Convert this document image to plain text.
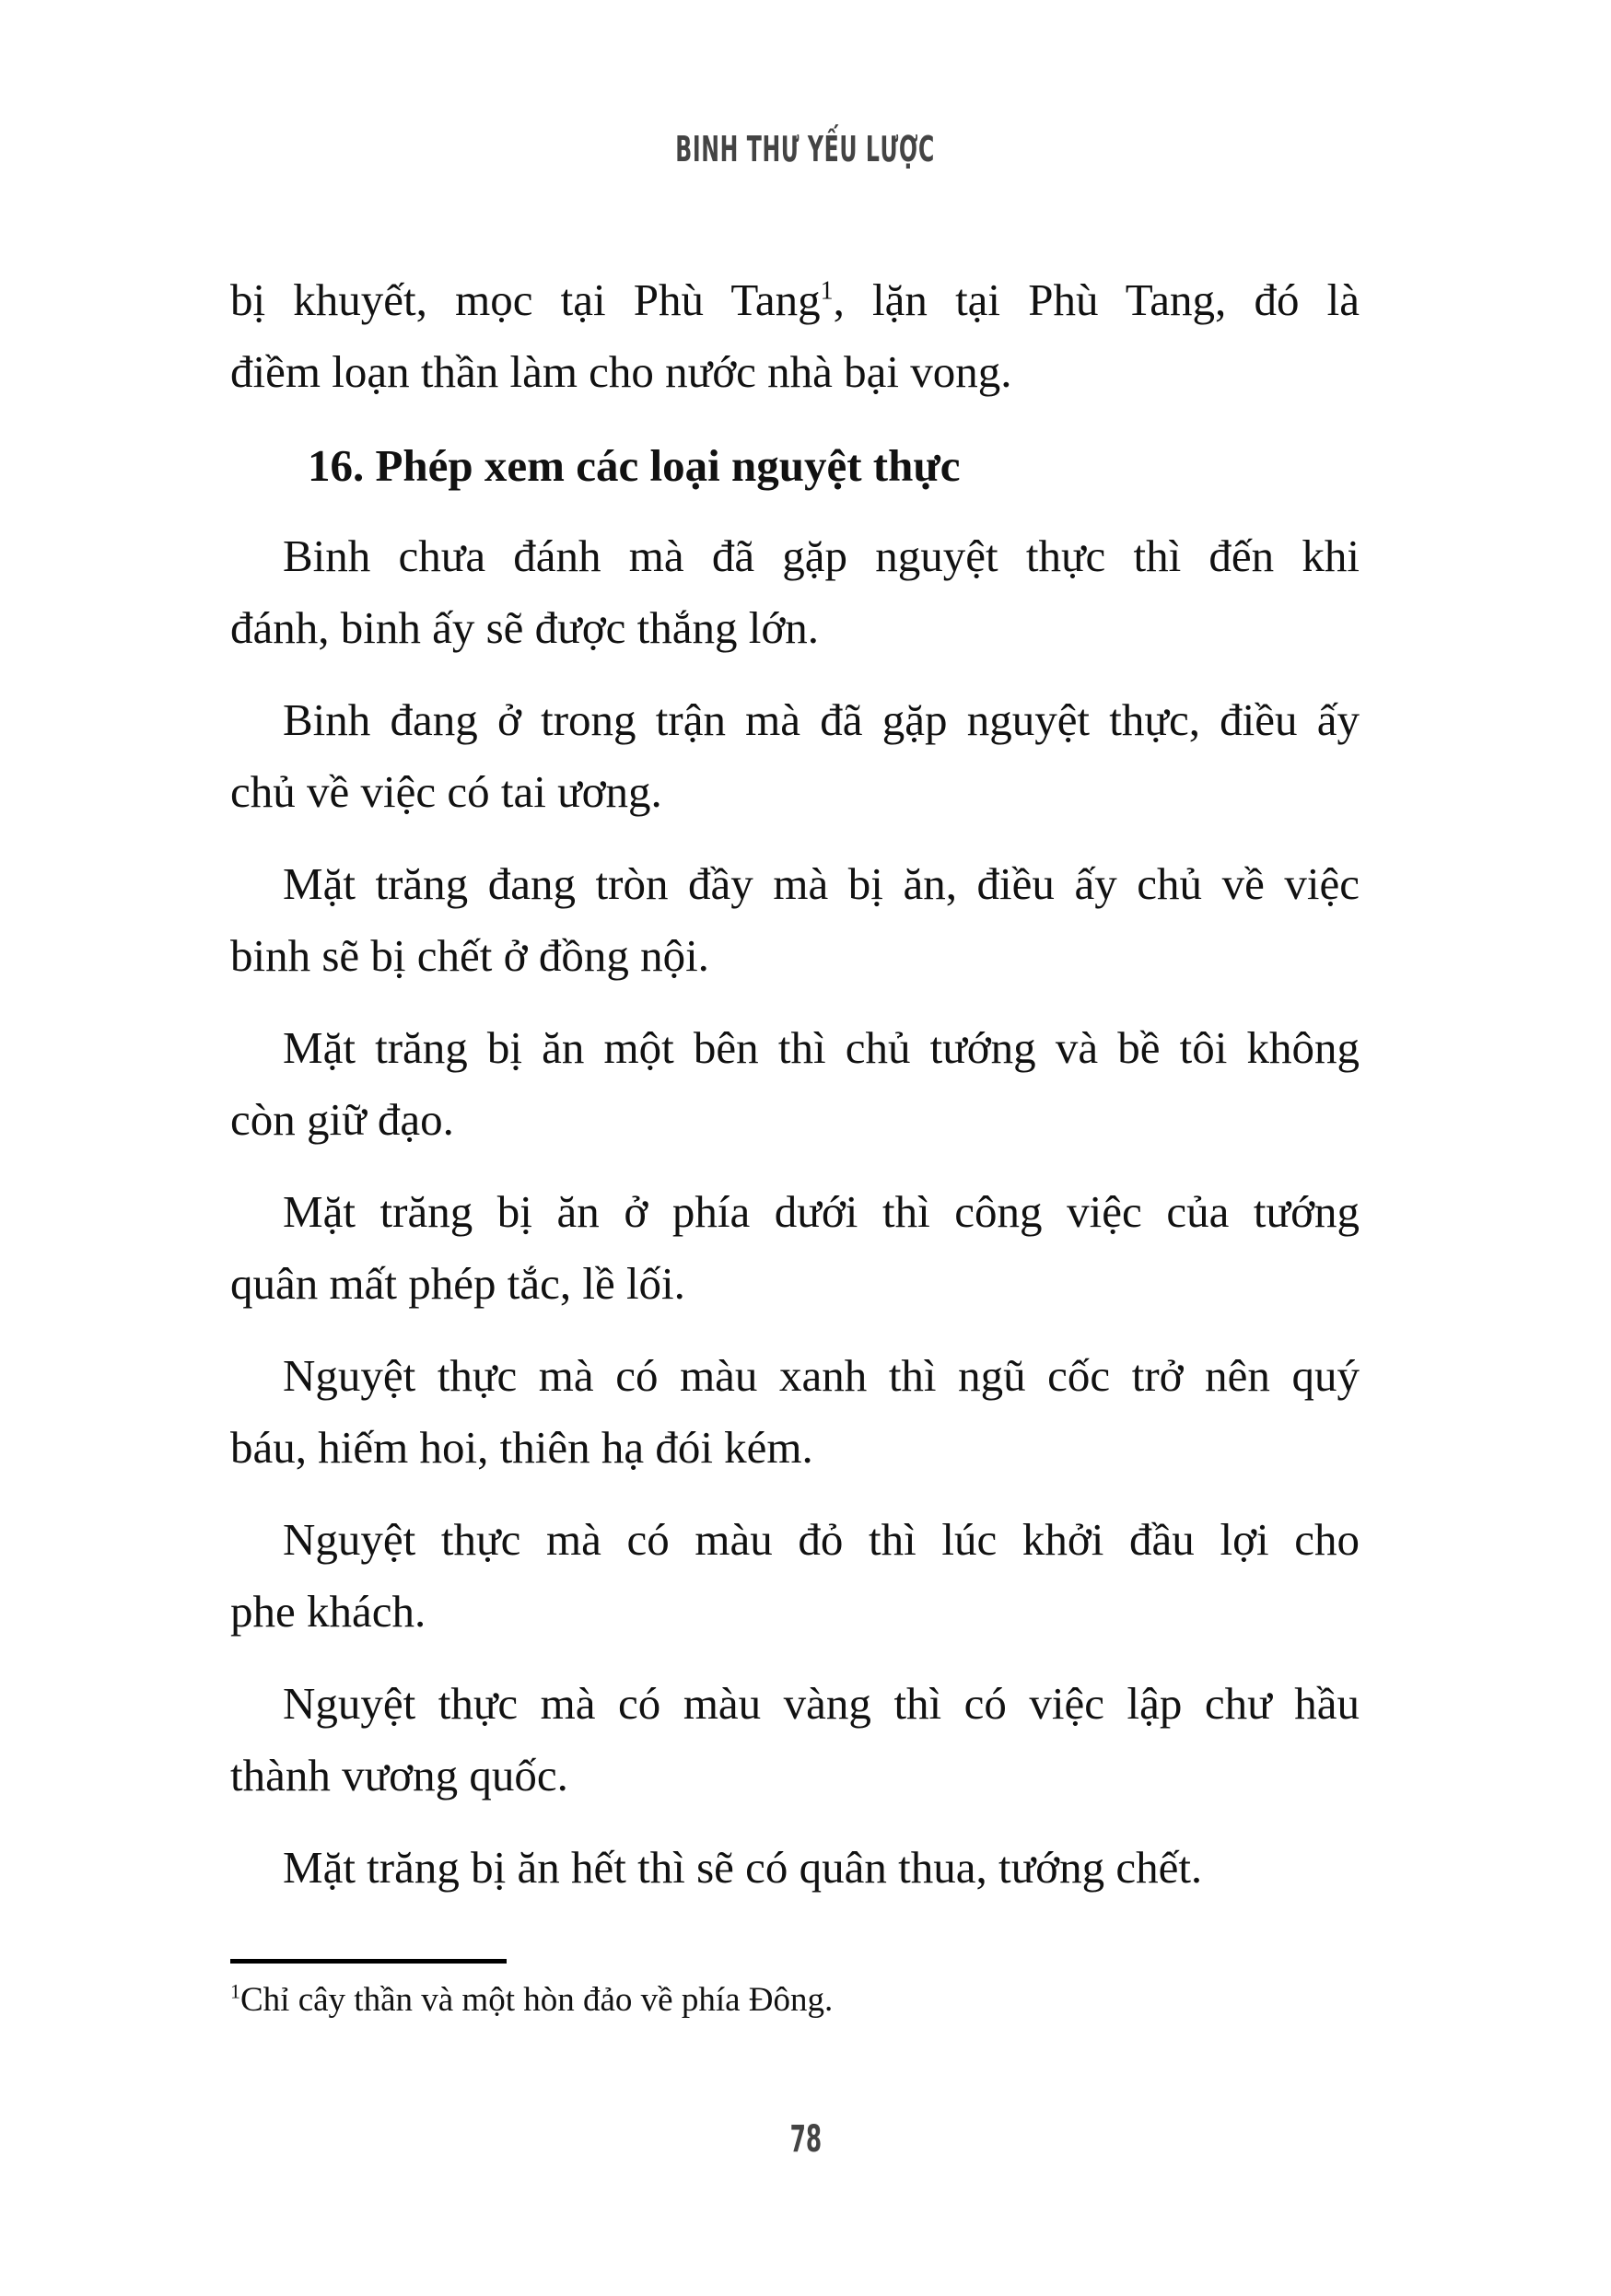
BINH THƯ YẾU LƯỢC
bị khuyết, mọc tại Phù Tang$^1$, lặn tại Phù Tang, đó là
điềm loạn thần làm cho nước nhà bại vong.
16. Phép xem các loại nguyệt thực
Binh chưa đánh mà đã gặp nguyệt thực thì đến khi
đánh, binh ấy sẽ được thắng lớn.
Binh đang ở trong trận mà đã gặp nguyệt thực, điều ấy
chủ về việc có tai ương.
Mặt trăng đang tròn đầy mà bị ăn, điều ấy chủ về việc
binh sẽ bị chết ở đồng nội.
Mặt trăng bị ăn một bên thì chủ tướng và bề tôi không
còn giữ đạo.
Mặt trăng bị ăn ở phía dưới thì công việc của tướng
quân mất phép tắc, lề lối.
Nguyệt thực mà có màu xanh thì ngũ cốc trở nên quý
báu, hiếm hoi, thiên hạ đói kém.
Nguyệt thực mà có màu đỏ thì lúc khởi đầu lợi cho
phe khách.
Nguyệt thực mà có màu vàng thì có việc lập chư hầu
thành vương quốc.
Mặt trăng bị ăn hết thì sẽ có quân thua, tướng chết.
$^1$Chỉ cây thần và một hòn đảo về phía Đông.
78
